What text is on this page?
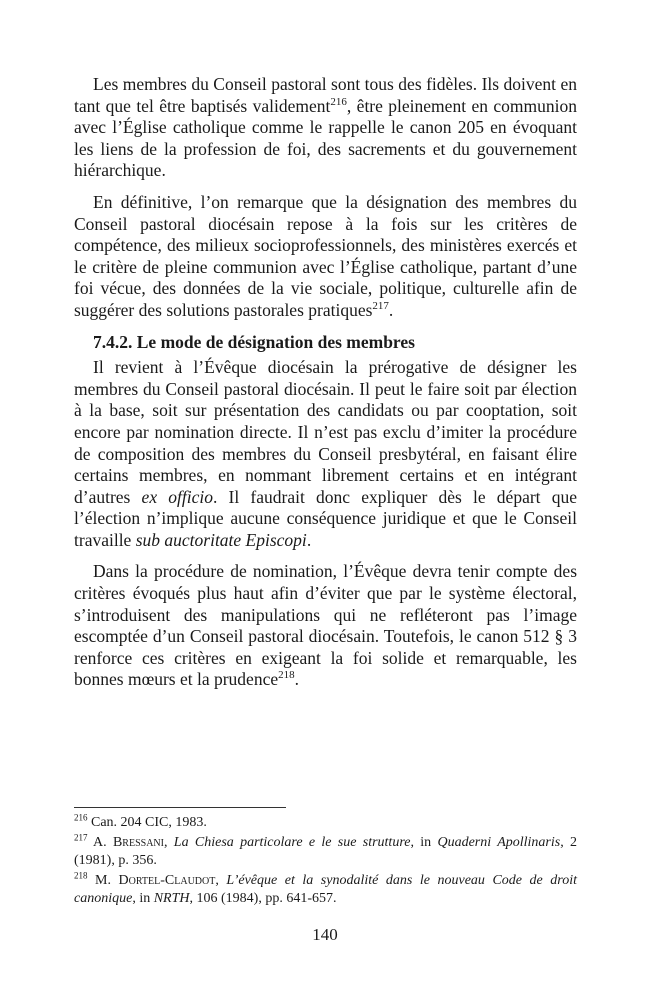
Les membres du Conseil pastoral sont tous des fidèles. Ils doivent en tant que tel être baptisés validement$^{216}$, être pleinement en communion avec l’Église catholique comme le rappelle le canon 205 en évoquant les liens de la profession de foi, des sacrements et du gouvernement hiérarchique.

En définitive, l’on remarque que la désignation des membres du Conseil pastoral diocésain repose à la fois sur les critères de compétence, des milieux socioprofessionnels, des ministères exercés et le critère de pleine communion avec l’Église catholique, partant d’une foi vécue, des données de la vie sociale, politique, culturelle afin de suggérer des solutions pastorales pratiques$^{217}$.

7.4.2. Le mode de désignation des membres

Il revient à l’Évêque diocésain la prérogative de désigner les membres du Conseil pastoral diocésain. Il peut le faire soit par élection à la base, soit sur présentation des candidats ou par cooptation, soit encore par nomination directe. Il n’est pas exclu d’imiter la procédure de composition des membres du Conseil presbytéral, en faisant élire certains membres, en nommant librement certains et en intégrant d’autres ex officio. Il faudrait donc expliquer dès le départ que l’élection n’implique aucune conséquence juridique et que le Conseil travaille sub auctoritate Episcopi.

Dans la procédure de nomination, l’Évêque devra tenir compte des critères évoqués plus haut afin d’éviter que par le système électoral, s’introduisent des manipulations qui ne refléteront pas l’image escomptée d’un Conseil pastoral diocésain. Toutefois, le canon 512 § 3 renforce ces critères en exigeant la foi solide et remarquable, les bonnes mœurs et la prudence$^{218}$.

$^{216}$ Can. 204 CIC, 1983.

$^{217}$ A. Bressani, La Chiesa particolare e le sue strutture, in Quaderni Apollinaris, 2 (1981), p. 356.

$^{218}$ M. Dortel-Claudot, L’évêque et la synodalité dans le nouveau Code de droit canonique, in NRTH, 106 (1984), pp. 641-657.

140
